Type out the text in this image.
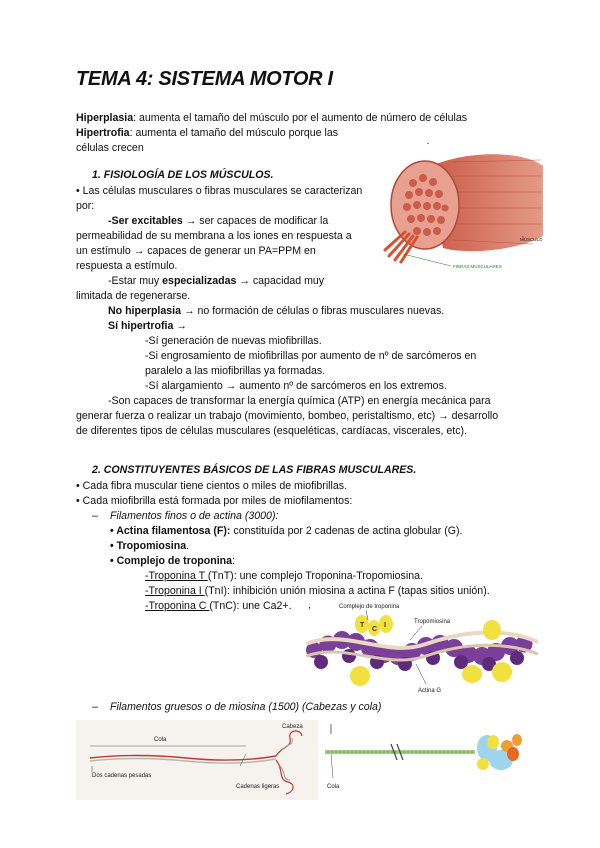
TEMA 4: SISTEMA MOTOR I
Hiperplasia: aumenta el tamaño del músculo por el aumento de número de células
Hipertrofia: aumenta el tamaño del músculo porque las
células crecen
1. FISIOLOGÍA DE LOS MÚSCULOS.
• Las células musculares o fibras musculares se caracterizan
por:
-Ser excitables → ser capaces de modificar la
permeabilidad de su membrana a los iones en respuesta a
un estímulo → capaces de generar un PA=PPM en
respuesta a estímulo.
-Estar muy especializadas → capacidad muy
limitada de regenerarse.
No hiperplasia → no formación de células o fibras musculares nuevas.
Sí hipertrofia →
-Sí generación de nuevas miofibrillas.
-Si engrosamiento de miofibrillas por aumento de nº de sarcómeros en
paralelo a las miofibrillas ya formadas.
-Sí alargamiento → aumento nº de sarcómeros en los extremos.
-Son capaces de transformar la energía química (ATP) en energía mecánica para
generar fuerza o realizar un trabajo (movimiento, bombeo, peristaltismo, etc) → desarrollo
de diferentes tipos de células musculares (esqueléticas, cardíacas, viscerales, etc).
MÚSCULO
FIBRAS MUSCULARES
2. CONSTITUYENTES BÁSICOS DE LAS FIBRAS MUSCULARES.
• Cada fibra muscular tiene cientos o miles de miofibrillas.
• Cada miofibrilla está formada por miles de miofilamentos:
– Filamentos finos o de actina (3000):
• Actina filamentosa (F): constituída por 2 cadenas de actina globular (G).
• Tropomiosina.
• Complejo de troponina:
-Troponina T (TnT): une complejo Troponina-Tropomiosina.
-Troponina I (TnI): inhibición unión miosina a actina F (tapas sitios unión).
-Troponina C (TnC): une Ca2+.
T
C
I
Complejo de troponina
Tropomiosina
Actina G
,
– Filamentos gruesos o de miosina (1500) (Cabezas y cola)
Cola
Cabeza
Dos cadenas pesadas
Cadenas ligeras	Cola
